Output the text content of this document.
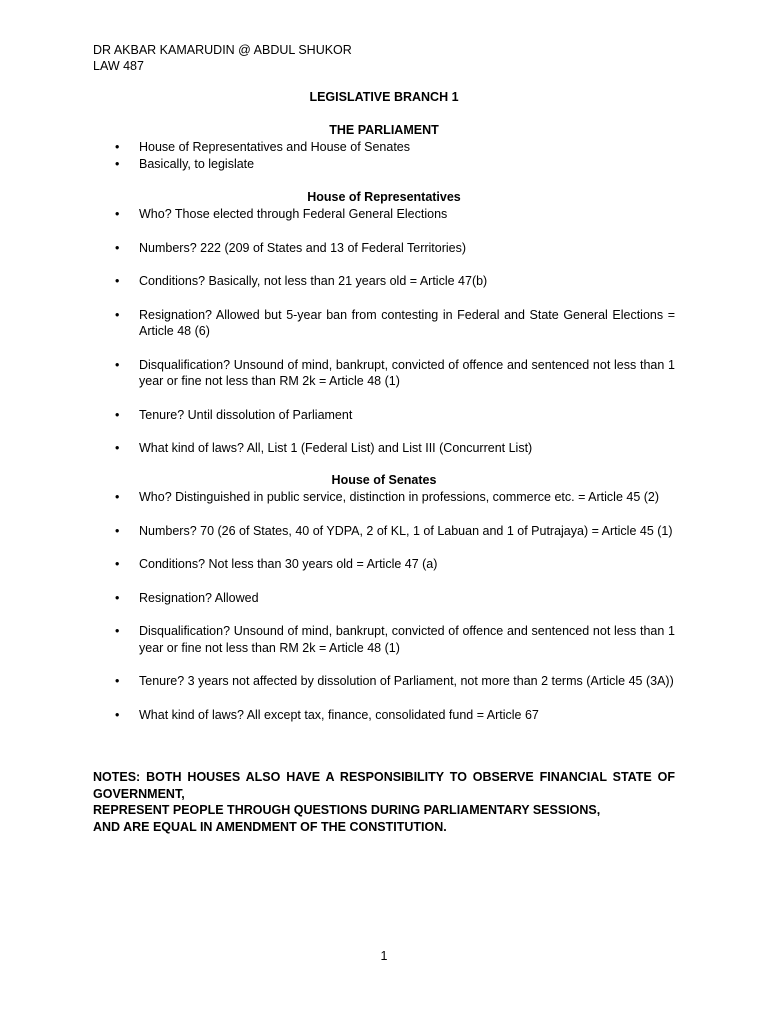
DR AKBAR KAMARUDIN @ ABDUL SHUKOR
LAW 487
LEGISLATIVE BRANCH 1
THE PARLIAMENT
• House of Representatives and House of Senates
• Basically, to legislate
House of Representatives
• Who? Those elected through Federal General Elections
• Numbers? 222 (209 of States and 13 of Federal Territories)
• Conditions? Basically, not less than 21 years old = Article 47(b)
• Resignation? Allowed but 5-year ban from contesting in Federal and State General Elections = Article 48 (6)
• Disqualification? Unsound of mind, bankrupt, convicted of offence and sentenced not less than 1 year or fine not less than RM 2k = Article 48 (1)
• Tenure? Until dissolution of Parliament
• What kind of laws? All, List 1 (Federal List) and List III (Concurrent List)
House of Senates
• Who? Distinguished in public service, distinction in professions, commerce etc. = Article 45 (2)
• Numbers? 70 (26 of States, 40 of YDPA, 2 of KL, 1 of Labuan and 1 of Putrajaya) = Article 45 (1)
• Conditions? Not less than 30 years old = Article 47 (a)
• Resignation? Allowed
• Disqualification? Unsound of mind, bankrupt, convicted of offence and sentenced not less than 1 year or fine not less than RM 2k = Article 48 (1)
• Tenure? 3 years not affected by dissolution of Parliament, not more than 2 terms (Article 45 (3A))
• What kind of laws? All except tax, finance, consolidated fund = Article 67
NOTES: BOTH HOUSES ALSO HAVE A RESPONSIBILITY TO OBSERVE FINANCIAL STATE OF GOVERNMENT,
REPRESENT PEOPLE THROUGH QUESTIONS DURING PARLIAMENTARY SESSIONS,
AND ARE EQUAL IN AMENDMENT OF THE CONSTITUTION.
1
